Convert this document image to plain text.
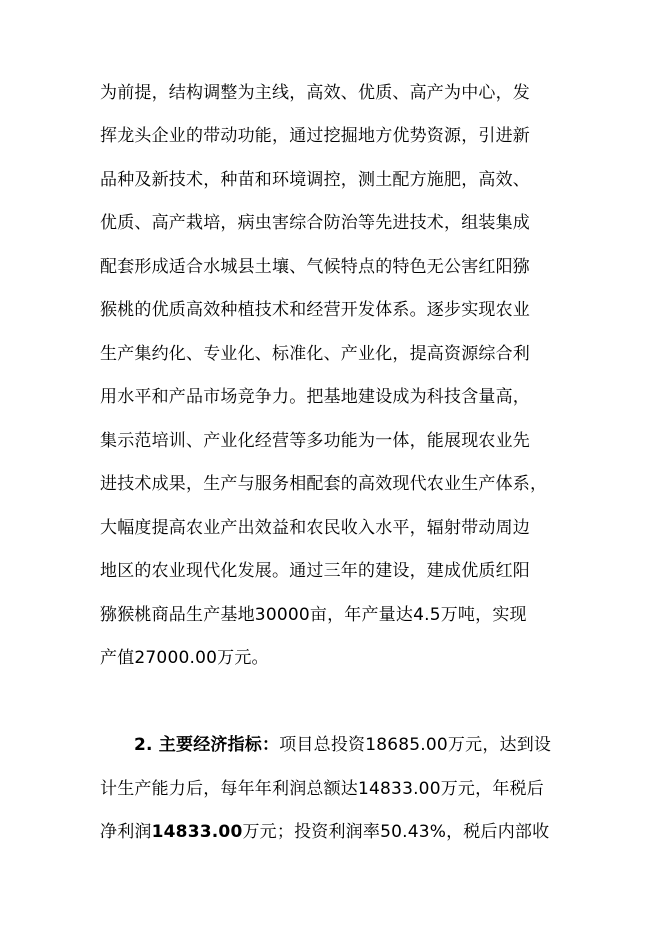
为前提，结构调整为主线，高效、优质、高产为中心，发
挥龙头企业的带动功能，通过挖掘地方优势资源，引进新
品种及新技术，种苗和环境调控，测土配方施肥，高效、
优质、高产栽培，病虫害综合防治等先进技术，组装集成
配套形成适合水城县土壤、气候特点的特色无公害红阳猕
猴桃的优质高效种植技术和经营开发体系。逐步实现农业
生产集约化、专业化、标准化、产业化，提高资源综合利
用水平和产品市场竞争力。把基地建设成为科技含量高，
集示范培训、产业化经营等多功能为一体，能展现农业先
进技术成果，生产与服务相配套的高效现代农业生产体系，
大幅度提高农业产出效益和农民收入水平，辐射带动周边
地区的农业现代化发展。通过三年的建设，建成优质红阳
猕猴桃商品生产基地30000亩，年产量达4.5万吨，实现
产值27000.00万元。
2. 主要经济指标：项目总投资18685.00万元，达到设
计生产能力后，每年年利润总额达14833.00万元，年税后
净利润14833.00万元；投资利润率50.43%，税后内部收
